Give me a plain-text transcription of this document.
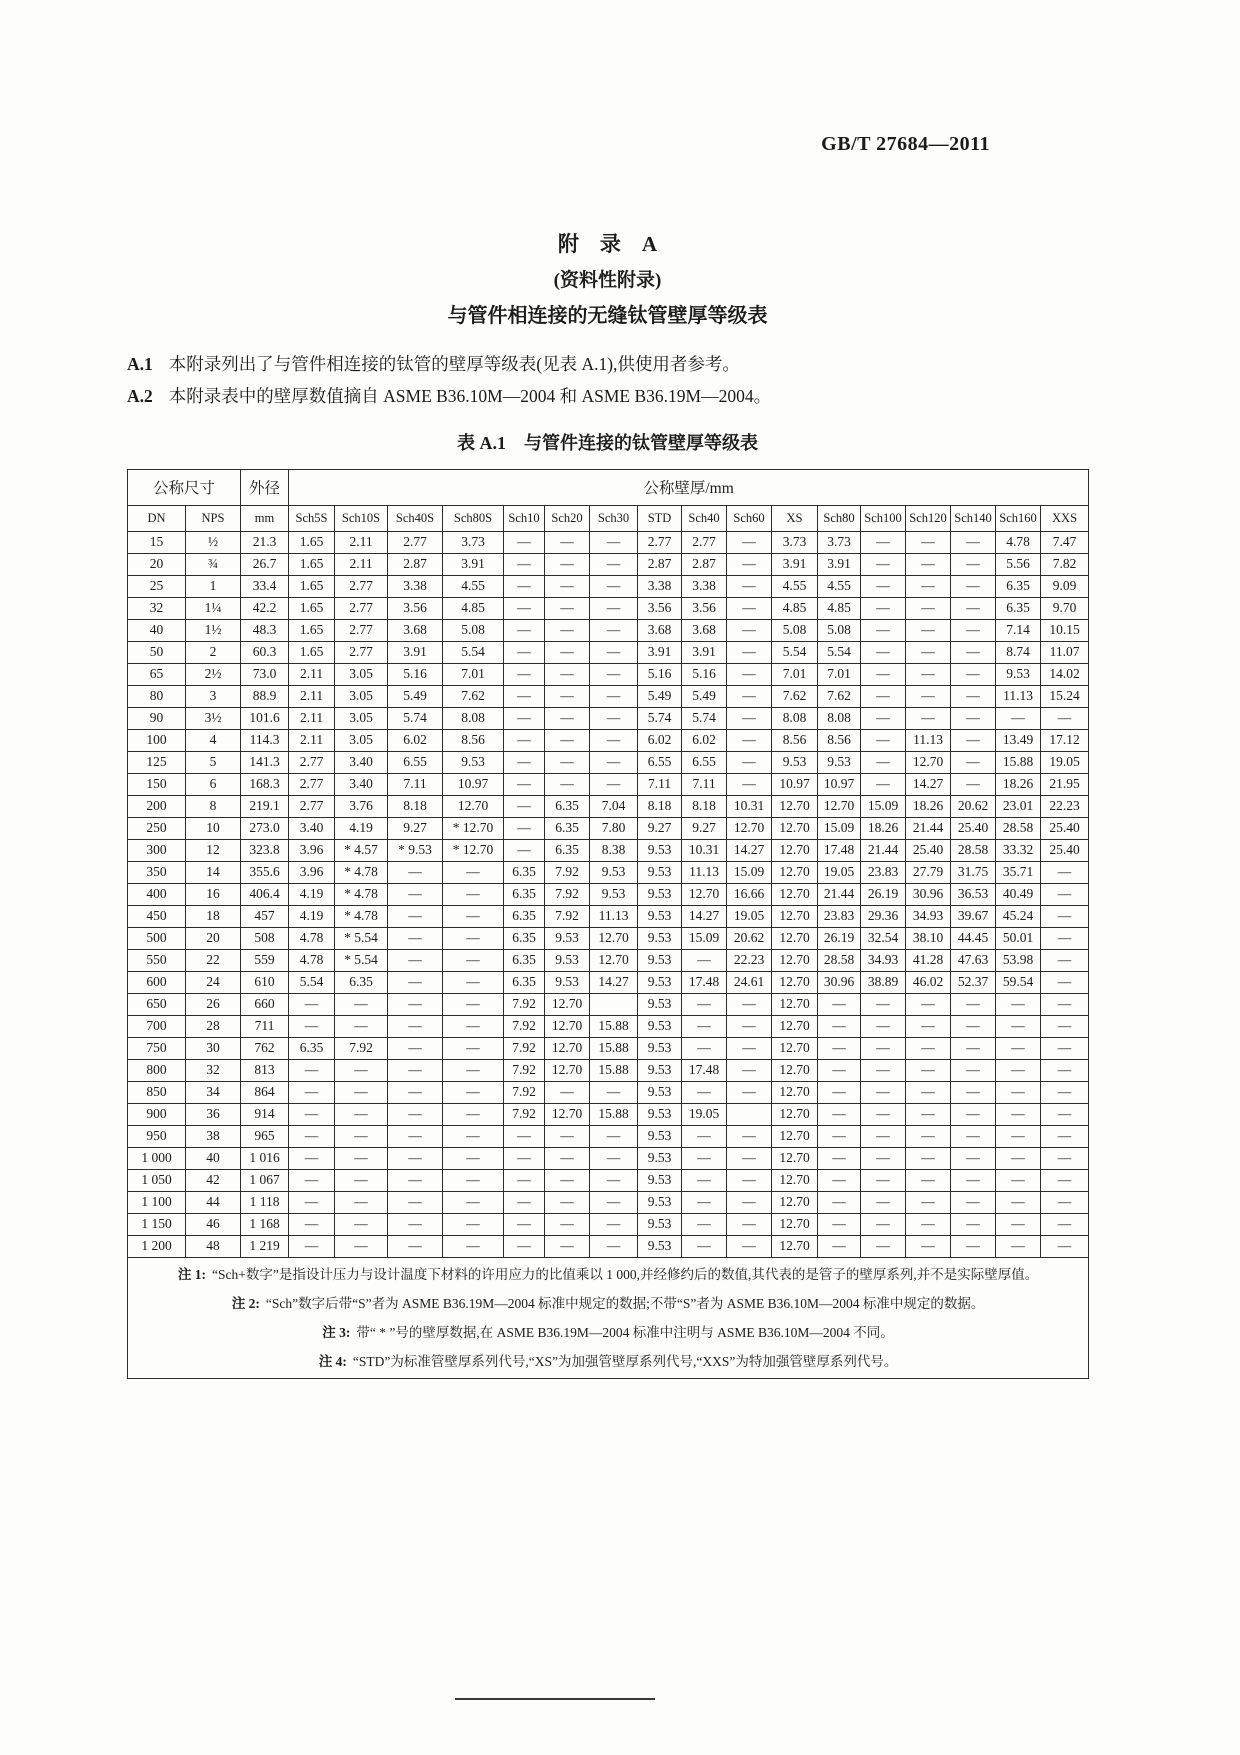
GB/T 27684—2011
附　录　A
(资料性附录)
与管件相连接的无缝钛管壁厚等级表
A.1 本附录列出了与管件相连接的钛管的壁厚等级表(见表 A.1),供使用者参考。
A.2 本附录表中的壁厚数值摘自 ASME B36.10M—2004 和 ASME B36.19M—2004。
表 A.1　与管件连接的钛管壁厚等级表
公称尺寸		外径	公称壁厚/mm																
DN	NPS	mm	Sch5S	Sch10S	Sch40S	Sch80S	Sch10	Sch20	Sch30	STD	Sch40	Sch60	XS	Sch80	Sch100	Sch120	Sch140	Sch160	XXS
15	½	21.3	1.65	2.11	2.77	3.73	—	—	—	2.77	2.77	—	3.73	3.73	—	—	—	4.78	7.47
20	¾	26.7	1.65	2.11	2.87	3.91	—	—	—	2.87	2.87	—	3.91	3.91	—	—	—	5.56	7.82
25	1	33.4	1.65	2.77	3.38	4.55	—	—	—	3.38	3.38	—	4.55	4.55	—	—	—	6.35	9.09
32	1¼	42.2	1.65	2.77	3.56	4.85	—	—	—	3.56	3.56	—	4.85	4.85	—	—	—	6.35	9.70
40	1½	48.3	1.65	2.77	3.68	5.08	—	—	—	3.68	3.68	—	5.08	5.08	—	—	—	7.14	10.15
50	2	60.3	1.65	2.77	3.91	5.54	—	—	—	3.91	3.91	—	5.54	5.54	—	—	—	8.74	11.07
65	2½	73.0	2.11	3.05	5.16	7.01	—	—	—	5.16	5.16	—	7.01	7.01	—	—	—	9.53	14.02
80	3	88.9	2.11	3.05	5.49	7.62	—	—	—	5.49	5.49	—	7.62	7.62	—	—	—	11.13	15.24
90	3½	101.6	2.11	3.05	5.74	8.08	—	—	—	5.74	5.74	—	8.08	8.08	—	—	—	—	—
100	4	114.3	2.11	3.05	6.02	8.56	—	—	—	6.02	6.02	—	8.56	8.56	—	11.13	—	13.49	17.12
125	5	141.3	2.77	3.40	6.55	9.53	—	—	—	6.55	6.55	—	9.53	9.53	—	12.70	—	15.88	19.05
150	6	168.3	2.77	3.40	7.11	10.97	—	—	—	7.11	7.11	—	10.97	10.97	—	14.27	—	18.26	21.95
200	8	219.1	2.77	3.76	8.18	12.70	—	6.35	7.04	8.18	8.18	10.31	12.70	12.70	15.09	18.26	20.62	23.01	22.23
250	10	273.0	3.40	4.19	9.27	* 12.70	—	6.35	7.80	9.27	9.27	12.70	12.70	15.09	18.26	21.44	25.40	28.58	25.40
300	12	323.8	3.96	* 4.57	* 9.53	* 12.70	—	6.35	8.38	9.53	10.31	14.27	12.70	17.48	21.44	25.40	28.58	33.32	25.40
350	14	355.6	3.96	* 4.78	—	—	6.35	7.92	9.53	9.53	11.13	15.09	12.70	19.05	23.83	27.79	31.75	35.71	—
400	16	406.4	4.19	* 4.78	—	—	6.35	7.92	9.53	9.53	12.70	16.66	12.70	21.44	26.19	30.96	36.53	40.49	—
450	18	457	4.19	* 4.78	—	—	6.35	7.92	11.13	9.53	14.27	19.05	12.70	23.83	29.36	34.93	39.67	45.24	—
500	20	508	4.78	* 5.54	—	—	6.35	9.53	12.70	9.53	15.09	20.62	12.70	26.19	32.54	38.10	44.45	50.01	—
550	22	559	4.78	* 5.54	—	—	6.35	9.53	12.70	9.53	—	22.23	12.70	28.58	34.93	41.28	47.63	53.98	—
600	24	610	5.54	6.35	—	—	6.35	9.53	14.27	9.53	17.48	24.61	12.70	30.96	38.89	46.02	52.37	59.54	—
650	26	660	—	—	—	—	7.92	12.70		9.53	—	—	12.70	—	—	—	—	—	—
700	28	711	—	—	—	—	7.92	12.70	15.88	9.53	—	—	12.70	—	—	—	—	—	—
750	30	762	6.35	7.92	—	—	7.92	12.70	15.88	9.53	—	—	12.70	—	—	—	—	—	—
800	32	813	—	—	—	—	7.92	12.70	15.88	9.53	17.48	—	12.70	—	—	—	—	—	—
850	34	864	—	—	—	—	7.92	—	—	9.53	—	—	12.70	—	—	—	—	—	—
900	36	914	—	—	—	—	7.92	12.70	15.88	9.53	19.05		12.70	—	—	—	—	—	—
950	38	965	—	—	—	—	—	—	—	9.53	—	—	12.70	—	—	—	—	—	—
1 000	40	1 016	—	—	—	—	—	—	—	9.53	—	—	12.70	—	—	—	—	—	—
1 050	42	1 067	—	—	—	—	—	—	—	9.53	—	—	12.70	—	—	—	—	—	—
1 100	44	1 118	—	—	—	—	—	—	—	9.53	—	—	12.70	—	—	—	—	—	—
1 150	46	1 168	—	—	—	—	—	—	—	9.53	—	—	12.70	—	—	—	—	—	—
1 200	48	1 219	—	—	—	—	—	—	—	9.53	—	—	12.70	—	—	—	—	—	—

注 1: “Sch+数字”是指设计压力与设计温度下材料的许用应力的比值乘以 1 000,并经修约后的数值,其代表的是管子的壁厚系列,并不是实际壁厚值。
注 2: “Sch”数字后带“S”者为 ASME B36.19M—2004 标准中规定的数据;不带“S”者为 ASME B36.10M—2004 标准中规定的数据。
注 3: 带“ * ”号的壁厚数据,在 ASME B36.19M—2004 标准中注明与 ASME B36.10M—2004 不同。
注 4: “STD”为标准管壁厚系列代号,“XS”为加强管壁厚系列代号,“XXS”为特加强管壁厚系列代号。																			
